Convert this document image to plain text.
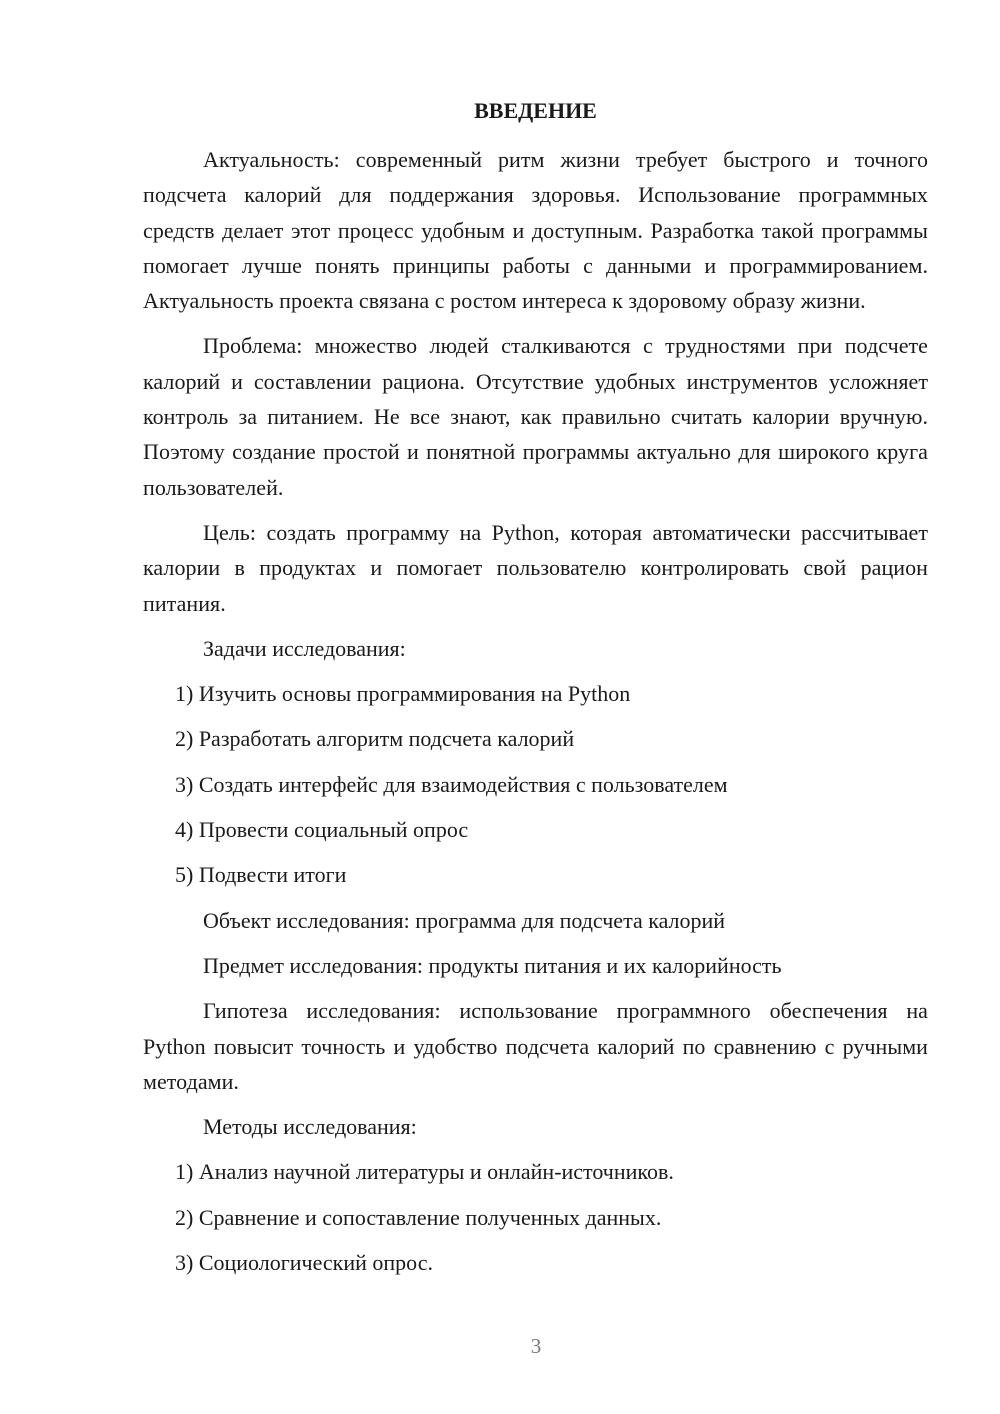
ВВЕДЕНИЕ

Актуальность: современный ритм жизни требует быстрого и точного подсчета калорий для поддержания здоровья. Использование программных средств делает этот процесс удобным и доступным. Разработка такой программы помогает лучше понять принципы работы с данными и программированием. Актуальность проекта связана с ростом интереса к здоровому образу жизни.

Проблема: множество людей сталкиваются с трудностями при подсчете калорий и составлении рациона. Отсутствие удобных инструментов усложняет контроль за питанием. Не все знают, как правильно считать калории вручную. Поэтому создание простой и понятной программы актуально для широкого круга пользователей.

Цель: создать программу на Python, которая автоматически рассчитывает калории в продуктах и помогает пользователю контролировать свой рацион питания.

Задачи исследования:

1) Изучить основы программирования на Python

2) Разработать алгоритм подсчета калорий

3) Создать интерфейс для взаимодействия с пользователем

4) Провести социальный опрос

5) Подвести итоги

Объект исследования: программа для подсчета калорий

Предмет исследования: продукты питания и их калорийность

Гипотеза исследования: использование программного обеспечения на Python повысит точность и удобство подсчета калорий по сравнению с ручными методами.

Методы исследования:

1) Анализ научной литературы и онлайн-источников.

2) Сравнение и сопоставление полученных данных.

3) Социологический опрос.

3
